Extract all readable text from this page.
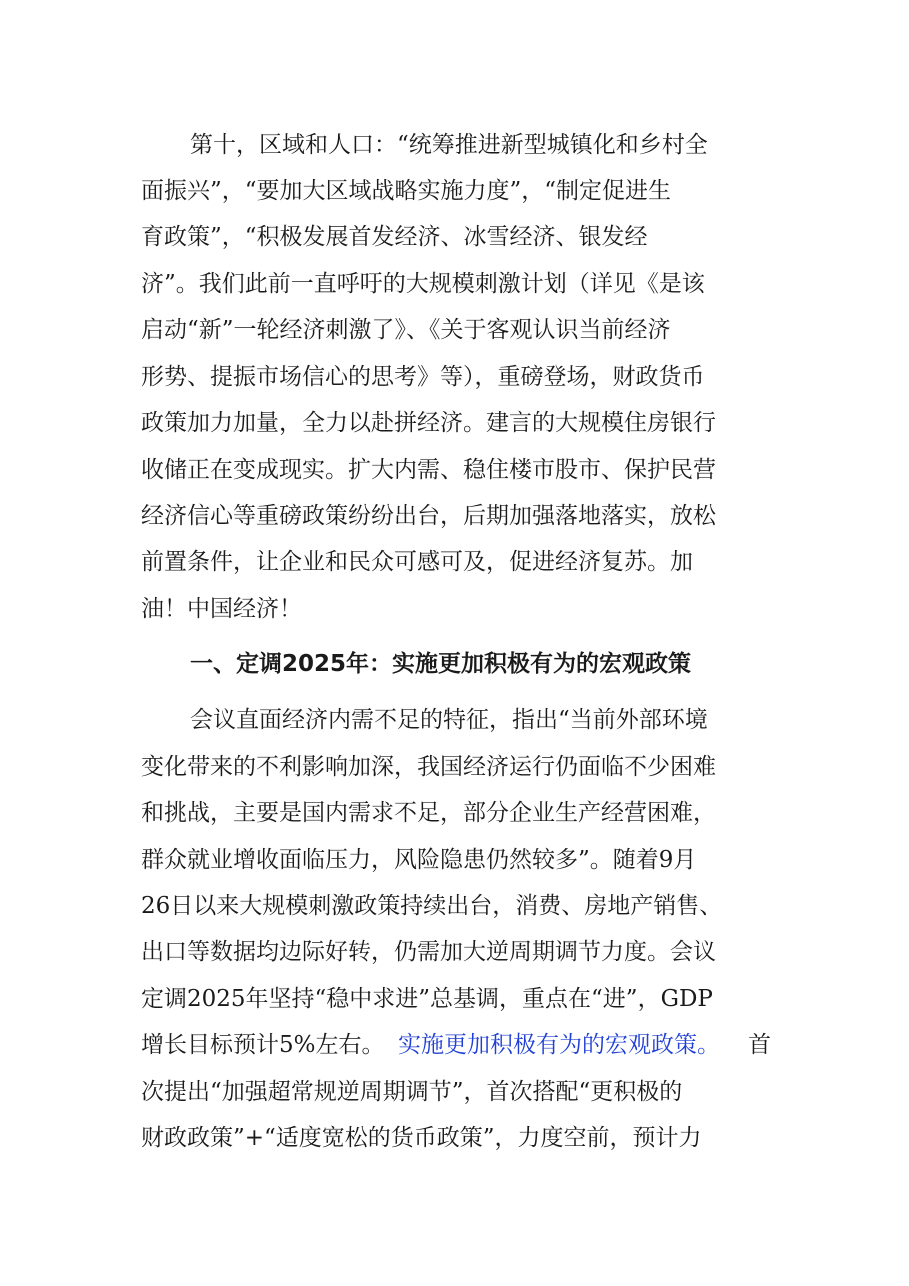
第十，区域和人口：“统筹推进新型城镇化和乡村全
面振兴”，“要加大区域战略实施力度”，“制定促进生
育政策”，“积极发展首发经济、冰雪经济、银发经
济”。我们此前一直呼吁的大规模刺激计划（详见《是该
启动“新”一轮经济刺激了》、《关于客观认识当前经济
形势、提振市场信心的思考》等），重磅登场，财政货币
政策加力加量，全力以赴拼经济。建言的大规模住房银行
收储正在变成现实。扩大内需、稳住楼市股市、保护民营
经济信心等重磅政策纷纷出台，后期加强落地落实，放松
前置条件，让企业和民众可感可及，促进经济复苏。加
油！中国经济！
一、定调2025年：实施更加积极有为的宏观政策
会议直面经济内需不足的特征，指出“当前外部环境
变化带来的不利影响加深，我国经济运行仍面临不少困难
和挑战，主要是国内需求不足，部分企业生产经营困难，
群众就业增收面临压力，风险隐患仍然较多”。随着9月
26日以来大规模刺激政策持续出台，消费、房地产销售、
出口等数据均边际好转，仍需加大逆周期调节力度。会议
定调2025年坚持“稳中求进”总基调，重点在“进”，GDP
增长目标预计5%左右。 实施更加积极有为的宏观政策。	首
次提出“加强超常规逆周期调节”，首次搭配“更积极的
财政政策”+“适度宽松的货币政策”，力度空前，预计力
